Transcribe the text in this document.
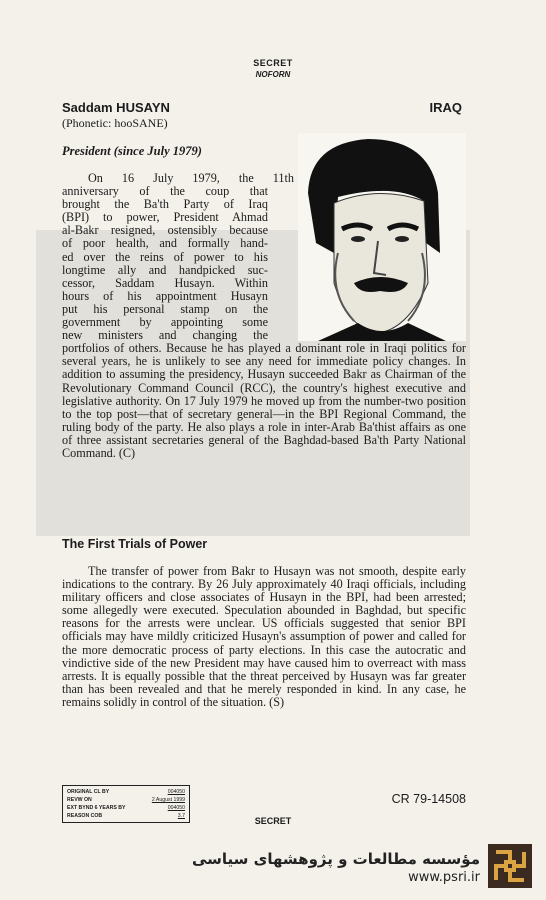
SECRET
NOFORN
Saddam HUSAYN
(Phonetic: hooSANE)
IRAQ
President (since July 1979)
On 16 July 1979, the 11th
anniversary of the coup that
brought the Ba'th Party of Iraq
(BPI) to power, President Ahmad
al-Bakr resigned, ostensibly because
of poor health, and formally hand-
ed over the reins of power to his
longtime ally and handpicked suc-
cessor, Saddam Husayn. Within
hours of his appointment Husayn
put his personal stamp on the
government by appointing some
new ministers and changing the
portfolios of others. Because he has played a dominant role in Iraqi politics for several years, he is unlikely to see any need for immediate policy changes. In addition to assuming the presidency, Husayn succeeded Bakr as Chairman of the Revolutionary Command Council (RCC), the country's highest executive and legislative authority. On 17 July 1979 he moved up from the number-two position to the top post—that of secretary general—in the BPI Regional Command, the ruling body of the party. He also plays a role in inter-Arab Ba'thist affairs as one of three assistant secretaries general of the Baghdad-based Ba'th Party National Command. (C)
The First Trials of Power
The transfer of power from Bakr to Husayn was not smooth, despite early indications to the contrary. By 26 July approximately 40 Iraqi officials, including military officers and close associates of Husayn in the BPI, had been arrested; some allegedly were executed. Speculation abounded in Baghdad, but specific reasons for the arrests were unclear. US officials suggested that senior BPI officials may have mildly criticized Husayn's assumption of power and called for the more democratic process of party elections. In this case the autocratic and vindictive side of the new President may have caused him to overreact with mass arrests. It is equally possible that the threat perceived by Husayn was far greater than has been revealed and that he merely responded in kind. In any case, he remains solidly in control of the situation. (S)
ORIGINAL CL BY	004050
REVW ON	2 August 1999
EXT BYND 6 YEARS BY	004050
REASON COB	3.7
CR 79-14508
SECRET
مؤسسه مطالعات و پژوهشهای سیاسی
www.psri.ir
